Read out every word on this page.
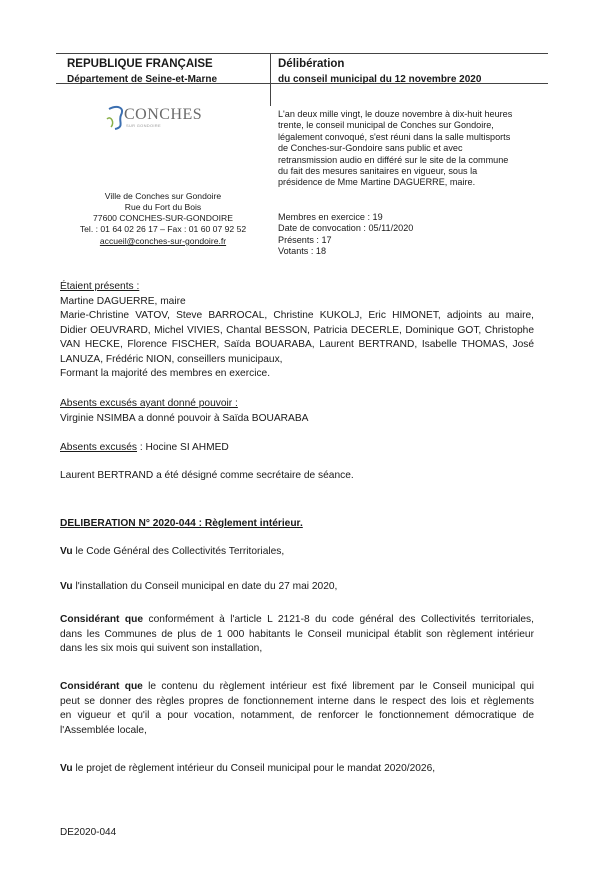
REPUBLIQUE FRANÇAISE
Département de Seine-et-Marne
Délibération
du conseil municipal du 12 novembre 2020
CONCHES
SUR GONDOIRE
Ville de Conches sur Gondoire
Rue du Fort du Bois
77600 CONCHES-SUR-GONDOIRE
Tel. : 01 64 02 26 17 – Fax : 01 60 07 92 52
accueil@conches-sur-gondoire.fr
L'an deux mille vingt, le douze novembre à dix-huit heures
trente, le conseil municipal de Conches sur Gondoire,
légalement convoqué, s'est réuni dans la salle multisports
de Conches-sur-Gondoire sans public et avec
retransmission audio en différé sur le site de la commune
du fait des mesures sanitaires en vigueur, sous la
présidence de Mme Martine DAGUERRE, maire.
Membres en exercice : 19
Date de convocation : 05/11/2020
Présents : 17
Votants : 18
Étaient présents :
Martine DAGUERRE, maire
Marie-Christine VATOV, Steve BARROCAL, Christine KUKOLJ, Eric HIMONET, adjoints au maire,
Didier OEUVRARD, Michel VIVIES, Chantal BESSON, Patricia DECERLE, Dominique GOT, Christophe
VAN HECKE, Florence FISCHER, Saïda BOUARABA, Laurent BERTRAND, Isabelle THOMAS, José
LANUZA, Frédéric NION, conseillers municipaux,
Formant la majorité des membres en exercice.
Absents excusés ayant donné pouvoir :
Virginie NSIMBA a donné pouvoir à Saïda BOUARABA
Absents excusés : Hocine SI AHMED
Laurent BERTRAND a été désigné comme secrétaire de séance.
DELIBERATION N° 2020-044 : Règlement intérieur.
Vu le Code Général des Collectivités Territoriales,
Vu l'installation du Conseil municipal en date du 27 mai 2020,
Considérant que conformément à l'article L 2121-8 du code général des Collectivités territoriales,
dans les Communes de plus de 1 000 habitants le Conseil municipal établit son règlement intérieur
dans les six mois qui suivent son installation,
Considérant que le contenu du règlement intérieur est fixé librement par le Conseil municipal qui
peut se donner des règles propres de fonctionnement interne dans le respect des lois et règlements
en vigueur et qu'il a pour vocation, notamment, de renforcer le fonctionnement démocratique de
l'Assemblée locale,
Vu le projet de règlement intérieur du Conseil municipal pour le mandat 2020/2026,
DE2020-044
